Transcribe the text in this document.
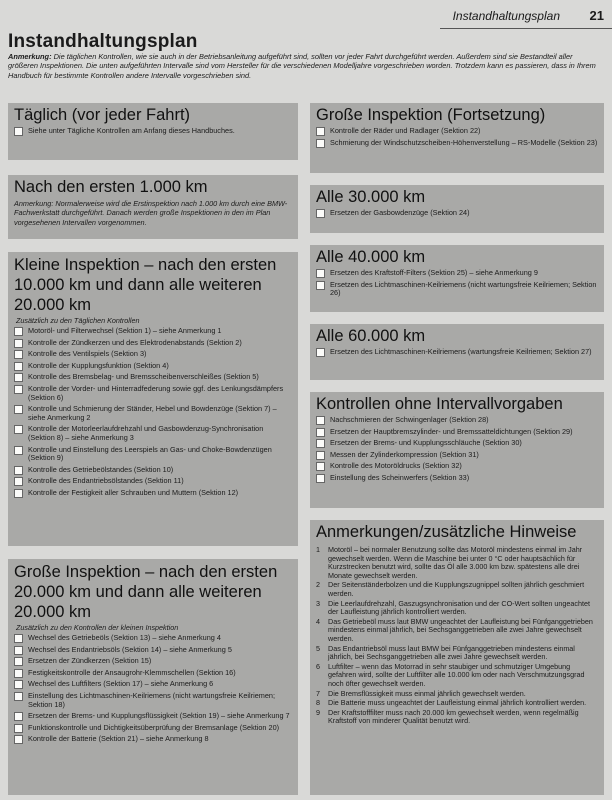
Instandhaltungsplan 21
Instandhaltungsplan
Anmerkung: Die täglichen Kontrollen, wie sie auch in der Betriebsanleitung aufgeführt sind, sollten vor jeder Fahrt durchgeführt werden. Außerdem sind sie Bestandteil aller größeren Inspektionen. Die unten aufgeführten Intervalle sind vom Hersteller für die verschiedenen Modelljahre vorgeschrieben worden. Trotzdem kann es passieren, dass in Ihrem Handbuch für bestimmte Kontrollen andere Intervalle vorgeschrieben sind.
Täglich (vor jeder Fahrt)
Siehe unter Tägliche Kontrollen am Anfang dieses Handbuches.
Nach den ersten 1.000 km
Anmerkung: Normalerweise wird die Erstinspektion nach 1.000 km durch eine BMW-Fachwerkstatt durchgeführt. Danach werden große Inspektionen in den im Plan vorgesehenen Intervallen vorgenommen.
Kleine Inspektion – nach den ersten 10.000 km und dann alle weiteren 20.000 km
Zusätzlich zu den Täglichen Kontrollen
Motoröl- und Filterwechsel (Sektion 1) – siehe Anmerkung 1
Kontrolle der Zündkerzen und des Elektrodenabstands (Sektion 2)
Kontrolle des Ventilspiels (Sektion 3)
Kontrolle der Kupplungsfunktion (Sektion 4)
Kontrolle des Bremsbelag- und Bremsscheibenverschleißes (Sektion 5)
Kontrolle der Vorder- und Hinterradfederung sowie ggf. des Lenkungsdämpfers (Sektion 6)
Kontrolle und Schmierung der Ständer, Hebel und Bowdenzüge (Sektion 7) – siehe Anmerkung 2
Kontrolle der Motorleerlaufdrehzahl und Gasbowdenzug-Synchronisation (Sektion 8) – siehe Anmerkung 3
Kontrolle und Einstellung des Leerspiels an Gas- und Choke-Bowdenzügen (Sektion 9)
Kontrolle des Getriebeölstandes (Sektion 10)
Kontrolle des Endantriebsölstandes (Sektion 11)
Kontrolle der Festigkeit aller Schrauben und Muttern (Sektion 12)
Große Inspektion – nach den ersten 20.000 km und dann alle weiteren 20.000 km
Zusätzlich zu den Kontrollen der kleinen Inspektion
Wechsel des Getriebeöls (Sektion 13) – siehe Anmerkung 4
Wechsel des Endantriebsöls (Sektion 14) – siehe Anmerkung 5
Ersetzen der Zündkerzen (Sektion 15)
Festigkeitskontrolle der Ansaugrohr-Klemmschellen (Sektion 16)
Wechsel des Luftfilters (Sektion 17) – siehe Anmerkung 6
Einstellung des Lichtmaschinen-Keilriemens (nicht wartungsfreie Keilriemen; Sektion 18)
Ersetzen der Brems- und Kupplungsflüssigkeit (Sektion 19) – siehe Anmerkung 7
Funktionskontrolle und Dichtigkeitsüberprüfung der Bremsanlage (Sektion 20)
Kontrolle der Batterie (Sektion 21) – siehe Anmerkung 8
Große Inspektion (Fortsetzung)
Kontrolle der Räder und Radlager (Sektion 22)
Schmierung der Windschutzscheiben-Höhenverstellung – RS-Modelle (Sektion 23)
Alle 30.000 km
Ersetzen der Gasbowdenzüge (Sektion 24)
Alle 40.000 km
Ersetzen des Kraftstoff-Filters (Sektion 25) – siehe Anmerkung 9
Ersetzen des Lichtmaschinen-Keilriemens (nicht wartungsfreie Keilriemen; Sektion 26)
Alle 60.000 km
Ersetzen des Lichtmaschinen-Keilriemens (wartungsfreie Keilriemen; Sektion 27)
Kontrollen ohne Intervallvorgaben
Nachschmieren der Schwingenlager (Sektion 28)
Ersetzen der Hauptbremszylinder- und Bremssatteldichtungen (Sektion 29)
Ersetzen der Brems- und Kupplungsschläuche (Sektion 30)
Messen der Zylinderkompression (Sektion 31)
Kontrolle des Motoröldrucks (Sektion 32)
Einstellung des Scheinwerfers (Sektion 33)
Anmerkungen/zusätzliche Hinweise
1 Motoröl – bei normaler Benutzung sollte das Motoröl mindestens einmal im Jahr gewechselt werden. Wenn die Maschine bei unter 0 °C oder hauptsächlich für Kurzstrecken benutzt wird, sollte das Öl alle 3.000 km bzw. spätestens alle drei Monate gewechselt werden.
2 Der Seitenständerbolzen und die Kupplungszugnippel sollten jährlich geschmiert werden.
3 Die Leerlaufdrehzahl, Gaszugsynchronisation und der CO-Wert sollten ungeachtet der Laufleistung jährlich kontrolliert werden.
4 Das Getriebeöl muss laut BMW ungeachtet der Laufleistung bei Fünfganggetrieben mindestens einmal jährlich, bei Sechsganggetrieben alle zwei Jahre gewechselt werden.
5 Das Endantriebsöl muss laut BMW bei Fünfganggetrieben mindestens einmal jährlich, bei Sechsganggetrieben alle zwei Jahre gewechselt werden.
6 Luftfilter – wenn das Motorrad in sehr staubiger und schmutziger Umgebung gefahren wird, sollte der Luftfilter alle 10.000 km oder nach Verschmutzungsgrad noch öfter gewechselt werden.
7 Die Bremsflüssigkeit muss einmal jährlich gewechselt werden.
8 Die Batterie muss ungeachtet der Laufleistung einmal jährlich kontrolliert werden.
9 Der Kraftstofffilter muss nach 20.000 km gewechselt werden, wenn regelmäßig Kraftstoff von minderer Qualität benutzt wird.
